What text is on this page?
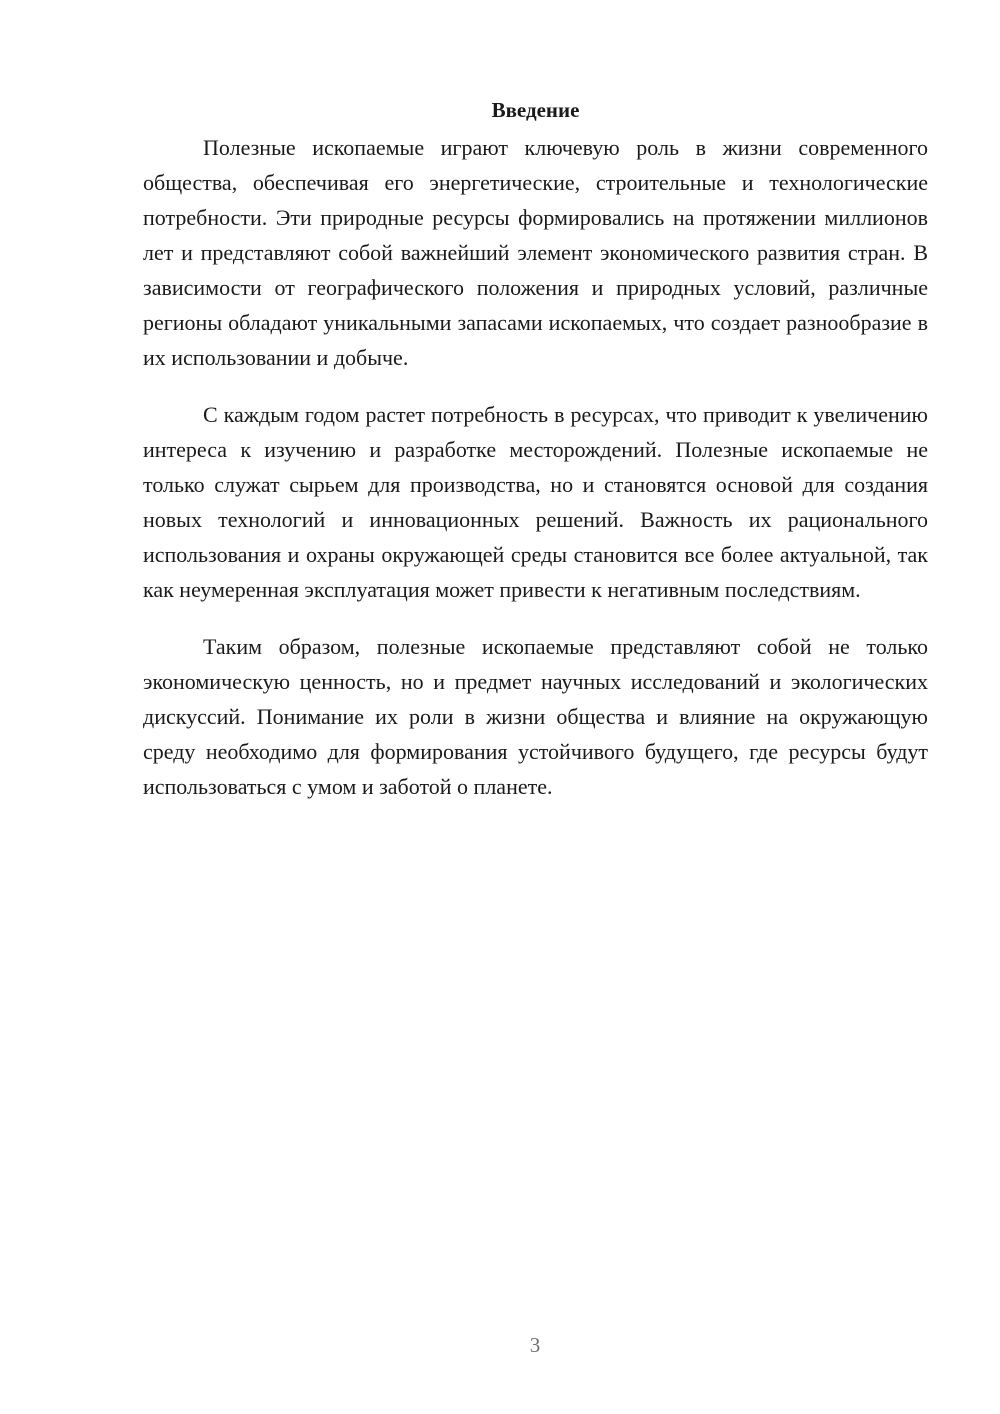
Введение

Полезные ископаемые играют ключевую роль в жизни современного общества, обеспечивая его энергетические, строительные и технологические потребности. Эти природные ресурсы формировались на протяжении миллионов лет и представляют собой важнейший элемент экономического развития стран. В зависимости от географического положения и природных условий, различные регионы обладают уникальными запасами ископаемых, что создает разнообразие в их использовании и добыче.

С каждым годом растет потребность в ресурсах, что приводит к увеличению интереса к изучению и разработке месторождений. Полезные ископаемые не только служат сырьем для производства, но и становятся основой для создания новых технологий и инновационных решений. Важность их рационального использования и охраны окружающей среды становится все более актуальной, так как неумеренная эксплуатация может привести к негативным последствиям.

Таким образом, полезные ископаемые представляют собой не только экономическую ценность, но и предмет научных исследований и экологических дискуссий. Понимание их роли в жизни общества и влияние на окружающую среду необходимо для формирования устойчивого будущего, где ресурсы будут использоваться с умом и заботой о планете.

3
